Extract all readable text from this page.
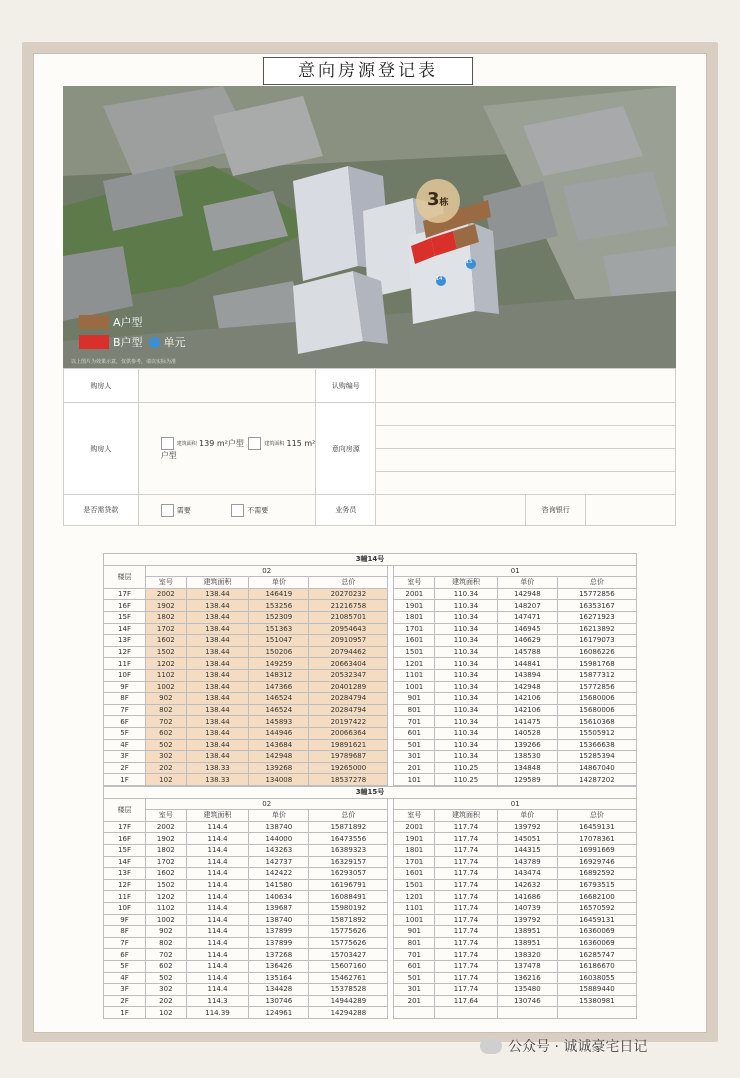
意向房源登记表
3栋
15
14
A户型
B户型 单元
以上图片为效果示意，仅供参考，请以实际为准
购房人		认购编号	
购房人	建筑面积 139 m²户型 建筑面积 115 m²户型	意向房源	

是否需贷款	需要 不需要	业务员	咨询银行
3幢14号									
楼层	02					01			
	室号	建筑面积	单价	总价		室号	建筑面积	单价	总价
17F	2002	138.44	146419	20270232		2001	110.34	142948	15772856
16F	1902	138.44	153256	21216758		1901	110.34	148207	16353167
15F	1802	138.44	152309	21085701		1801	110.34	147471	16271923
14F	1702	138.44	151363	20954643		1701	110.34	146945	16213892
13F	1602	138.44	151047	20910957		1601	110.34	146629	16179073
12F	1502	138.44	150206	20794462		1501	110.34	145788	16086226
11F	1202	138.44	149259	20663404		1201	110.34	144841	15981768
10F	1102	138.44	148312	20532347		1101	110.34	143894	15877312
9F	1002	138.44	147366	20401289		1001	110.34	142948	15772856
8F	902	138.44	146524	20284794		901	110.34	142106	15680006
7F	802	138.44	146524	20284794		801	110.34	142106	15680006
6F	702	138.44	145893	20197422		701	110.34	141475	15610368
5F	602	138.44	144946	20066364		601	110.34	140528	15505912
4F	502	138.44	143684	19891621		501	110.34	139266	15366638
3F	302	138.44	142948	19789687		301	110.34	138530	15285394
2F	202	138.33	139268	19265000		201	110.25	134848	14867040
1F	102	138.33	134008	18537278		101	110.25	129589	14287202
3幢15号									
楼层	02					01			
	室号	建筑面积	单价	总价		室号	建筑面积	单价	总价
17F	2002	114.4	138740	15871892		2001	117.74	139792	16459131
16F	1902	114.4	144000	16473556		1901	117.74	145051	17078361
15F	1802	114.4	143263	16389323		1801	117.74	144315	16991669
14F	1702	114.4	142737	16329157		1701	117.74	143789	16929746
13F	1602	114.4	142422	16293057		1601	117.74	143474	16892592
12F	1502	114.4	141580	16196791		1501	117.74	142632	16793515
11F	1202	114.4	140634	16088491		1201	117.74	141686	16682100
10F	1102	114.4	139687	15980192		1101	117.74	140739	16570592
9F	1002	114.4	138740	15871892		1001	117.74	139792	16459131
8F	902	114.4	137899	15775626		901	117.74	138951	16360069
7F	802	114.4	137899	15775626		801	117.74	138951	16360069
6F	702	114.4	137268	15703427		701	117.74	138320	16285747
5F	602	114.4	136426	15607160		601	117.74	137478	16186670
4F	502	114.4	135164	15462761		501	117.74	136216	16038055
3F	302	114.4	134428	15378528		301	117.74	135480	15889440
2F	202	114.3	130746	14944289		201	117.64	130746	15380981
1F	102	114.39	124961	14294288					
公众号 · 诚诚豪宅日记
